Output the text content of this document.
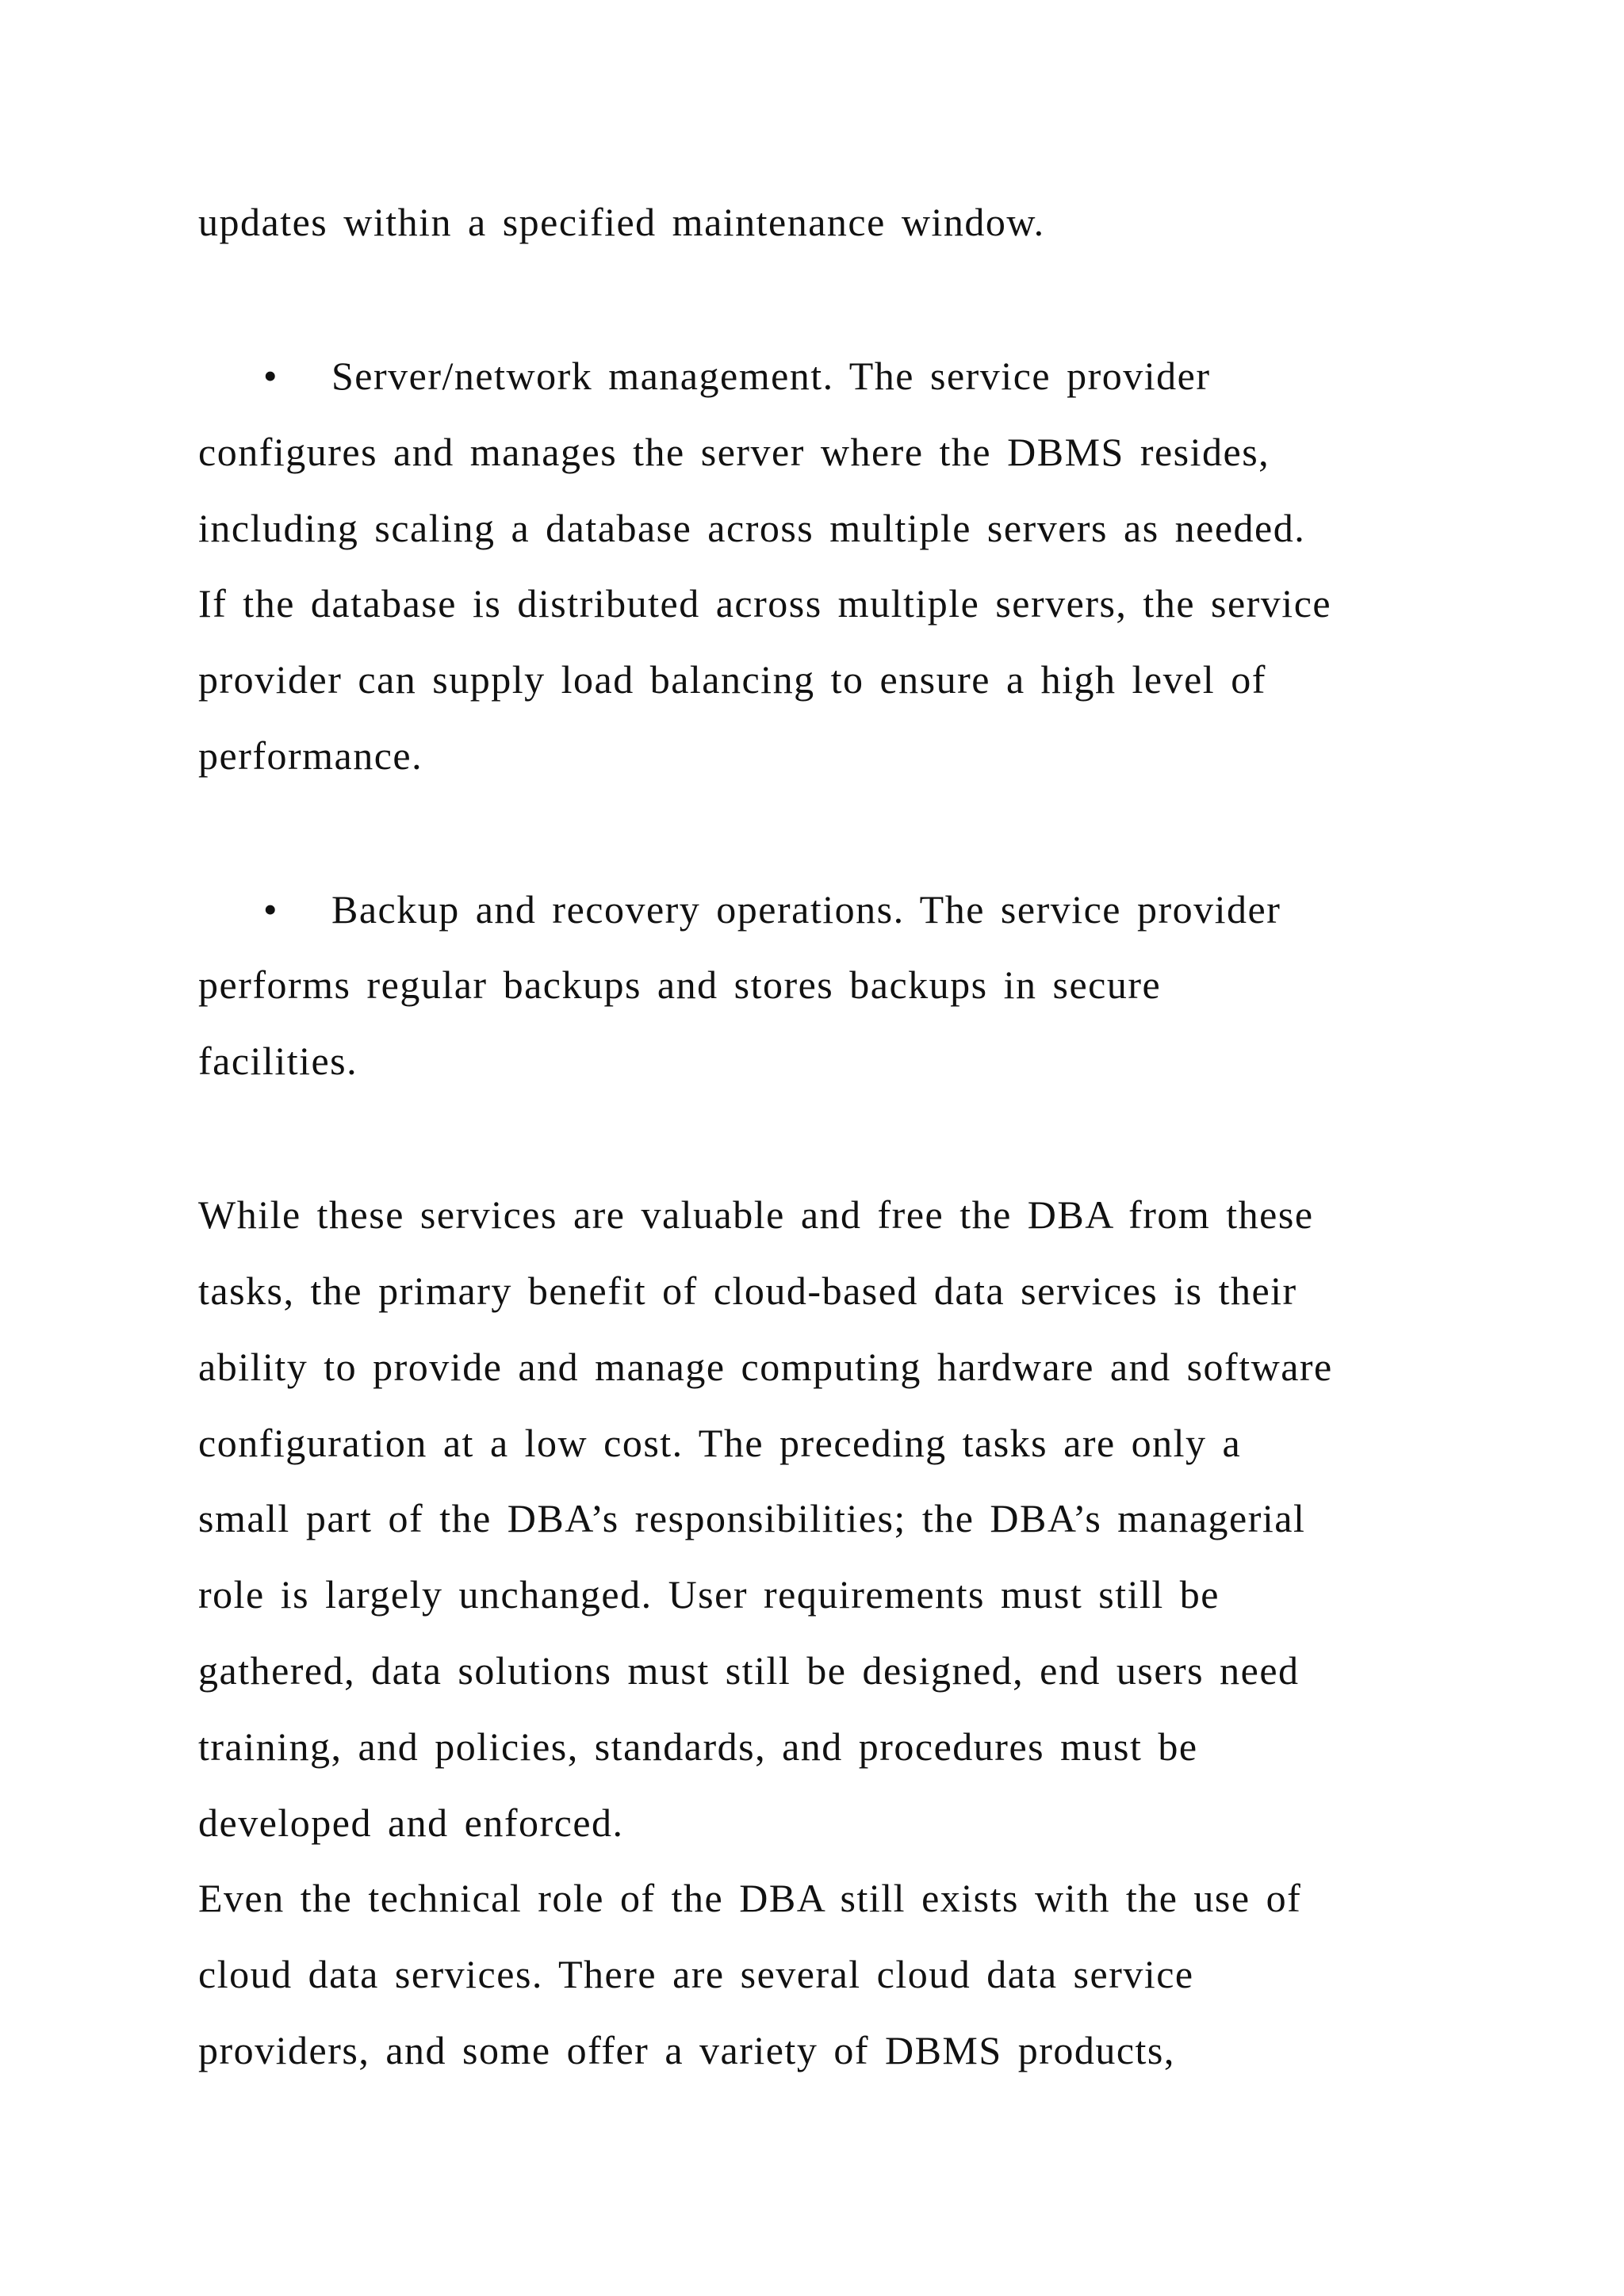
updates within a specified maintenance window.
• Server/network management. The service provider
configures and manages the server where the DBMS resides,
including scaling a database across multiple servers as needed.
If the database is distributed across multiple servers, the service
provider can supply load balancing to ensure a high level of
performance.
• Backup and recovery operations. The service provider
performs regular backups and stores backups in secure
facilities.
While these services are valuable and free the DBA from these
tasks, the primary benefit of cloud-based data services is their
ability to provide and manage computing hardware and software
configuration at a low cost. The preceding tasks are only a
small part of the DBA’s responsibilities; the DBA’s managerial
role is largely unchanged. User requirements must still be
gathered, data solutions must still be designed, end users need
training, and policies, standards, and procedures must be
developed and enforced.
Even the technical role of the DBA still exists with the use of
cloud data services. There are several cloud data service
providers, and some offer a variety of DBMS products,
